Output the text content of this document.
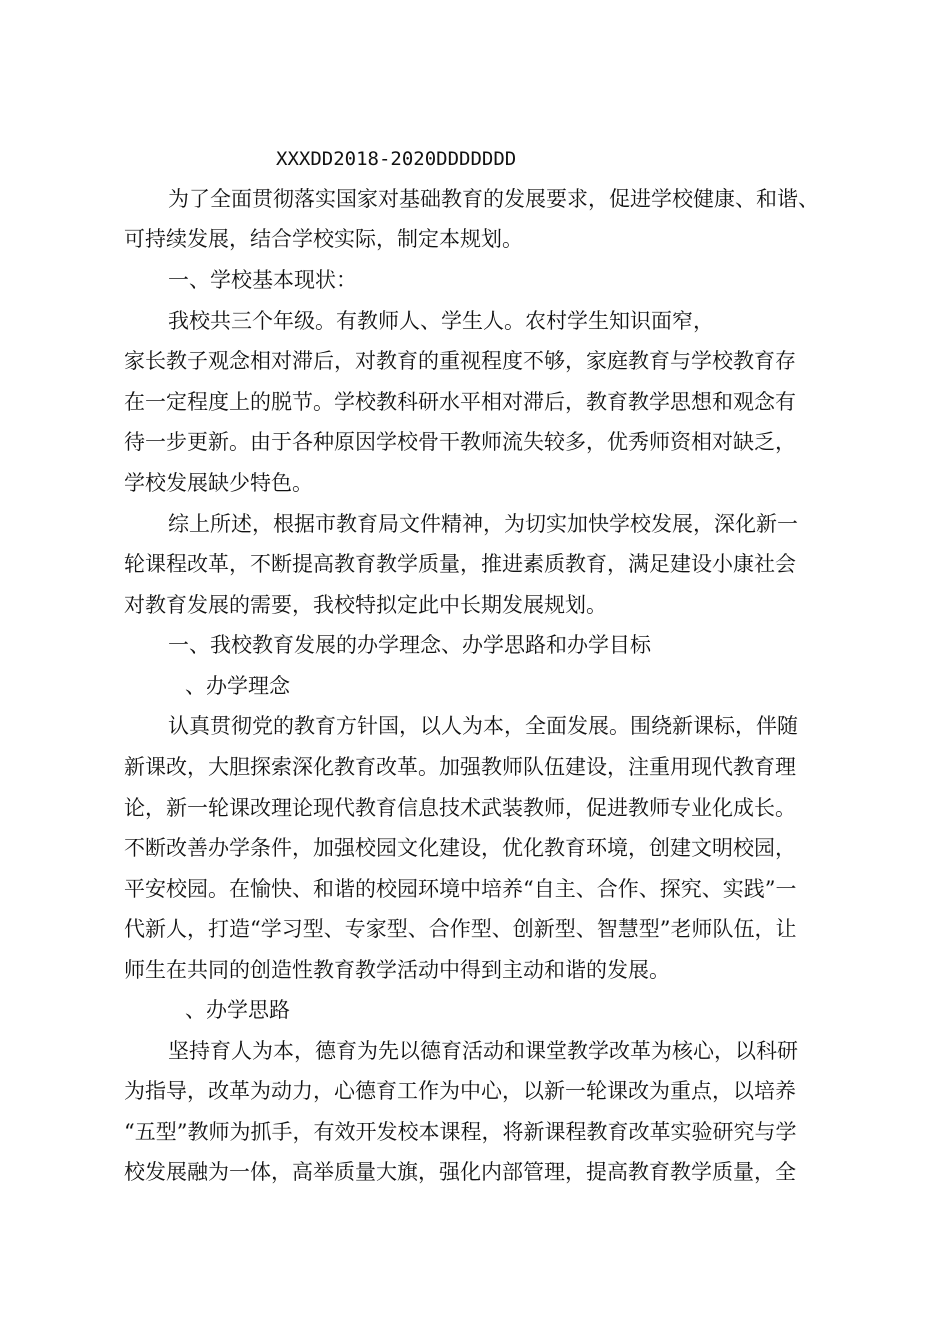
XXXDD2018-2020DDDDDDD
为了全面贯彻落实国家对基础教育的发展要求，促进学校健康、和谐、
可持续发展，结合学校实际，制定本规划。
一、学校基本现状：
我校共三个年级。有教师人、学生人。农村学生知识面窄，
家长教子观念相对滞后，对教育的重视程度不够，家庭教育与学校教育存
在一定程度上的脱节。学校教科研水平相对滞后，教育教学思想和观念有
待一步更新。由于各种原因学校骨干教师流失较多，优秀师资相对缺乏，
学校发展缺少特色。
综上所述，根据市教育局文件精神，为切实加快学校发展，深化新一
轮课程改革，不断提高教育教学质量，推进素质教育，满足建设小康社会
对教育发展的需要，我校特拟定此中长期发展规划。
一、我校教育发展的办学理念、办学思路和办学目标
、办学理念
认真贯彻党的教育方针国，以人为本，全面发展。围绕新课标，伴随
新课改，大胆探索深化教育改革。加强教师队伍建设，注重用现代教育理
论，新一轮课改理论现代教育信息技术武装教师，促进教师专业化成长。
不断改善办学条件，加强校园文化建设，优化教育环境，创建文明校园，
平安校园。在愉快、和谐的校园环境中培养“自主、合作、探究、实践”一
代新人，打造“学习型、专家型、合作型、创新型、智慧型”老师队伍，让
师生在共同的创造性教育教学活动中得到主动和谐的发展。
、办学思路
坚持育人为本，德育为先以德育活动和课堂教学改革为核心，以科研
为指导，改革为动力，心德育工作为中心，以新一轮课改为重点，以培养
“五型”教师为抓手，有效开发校本课程，将新课程教育改革实验研究与学
校发展融为一体，高举质量大旗，强化内部管理，提高教育教学质量，全
